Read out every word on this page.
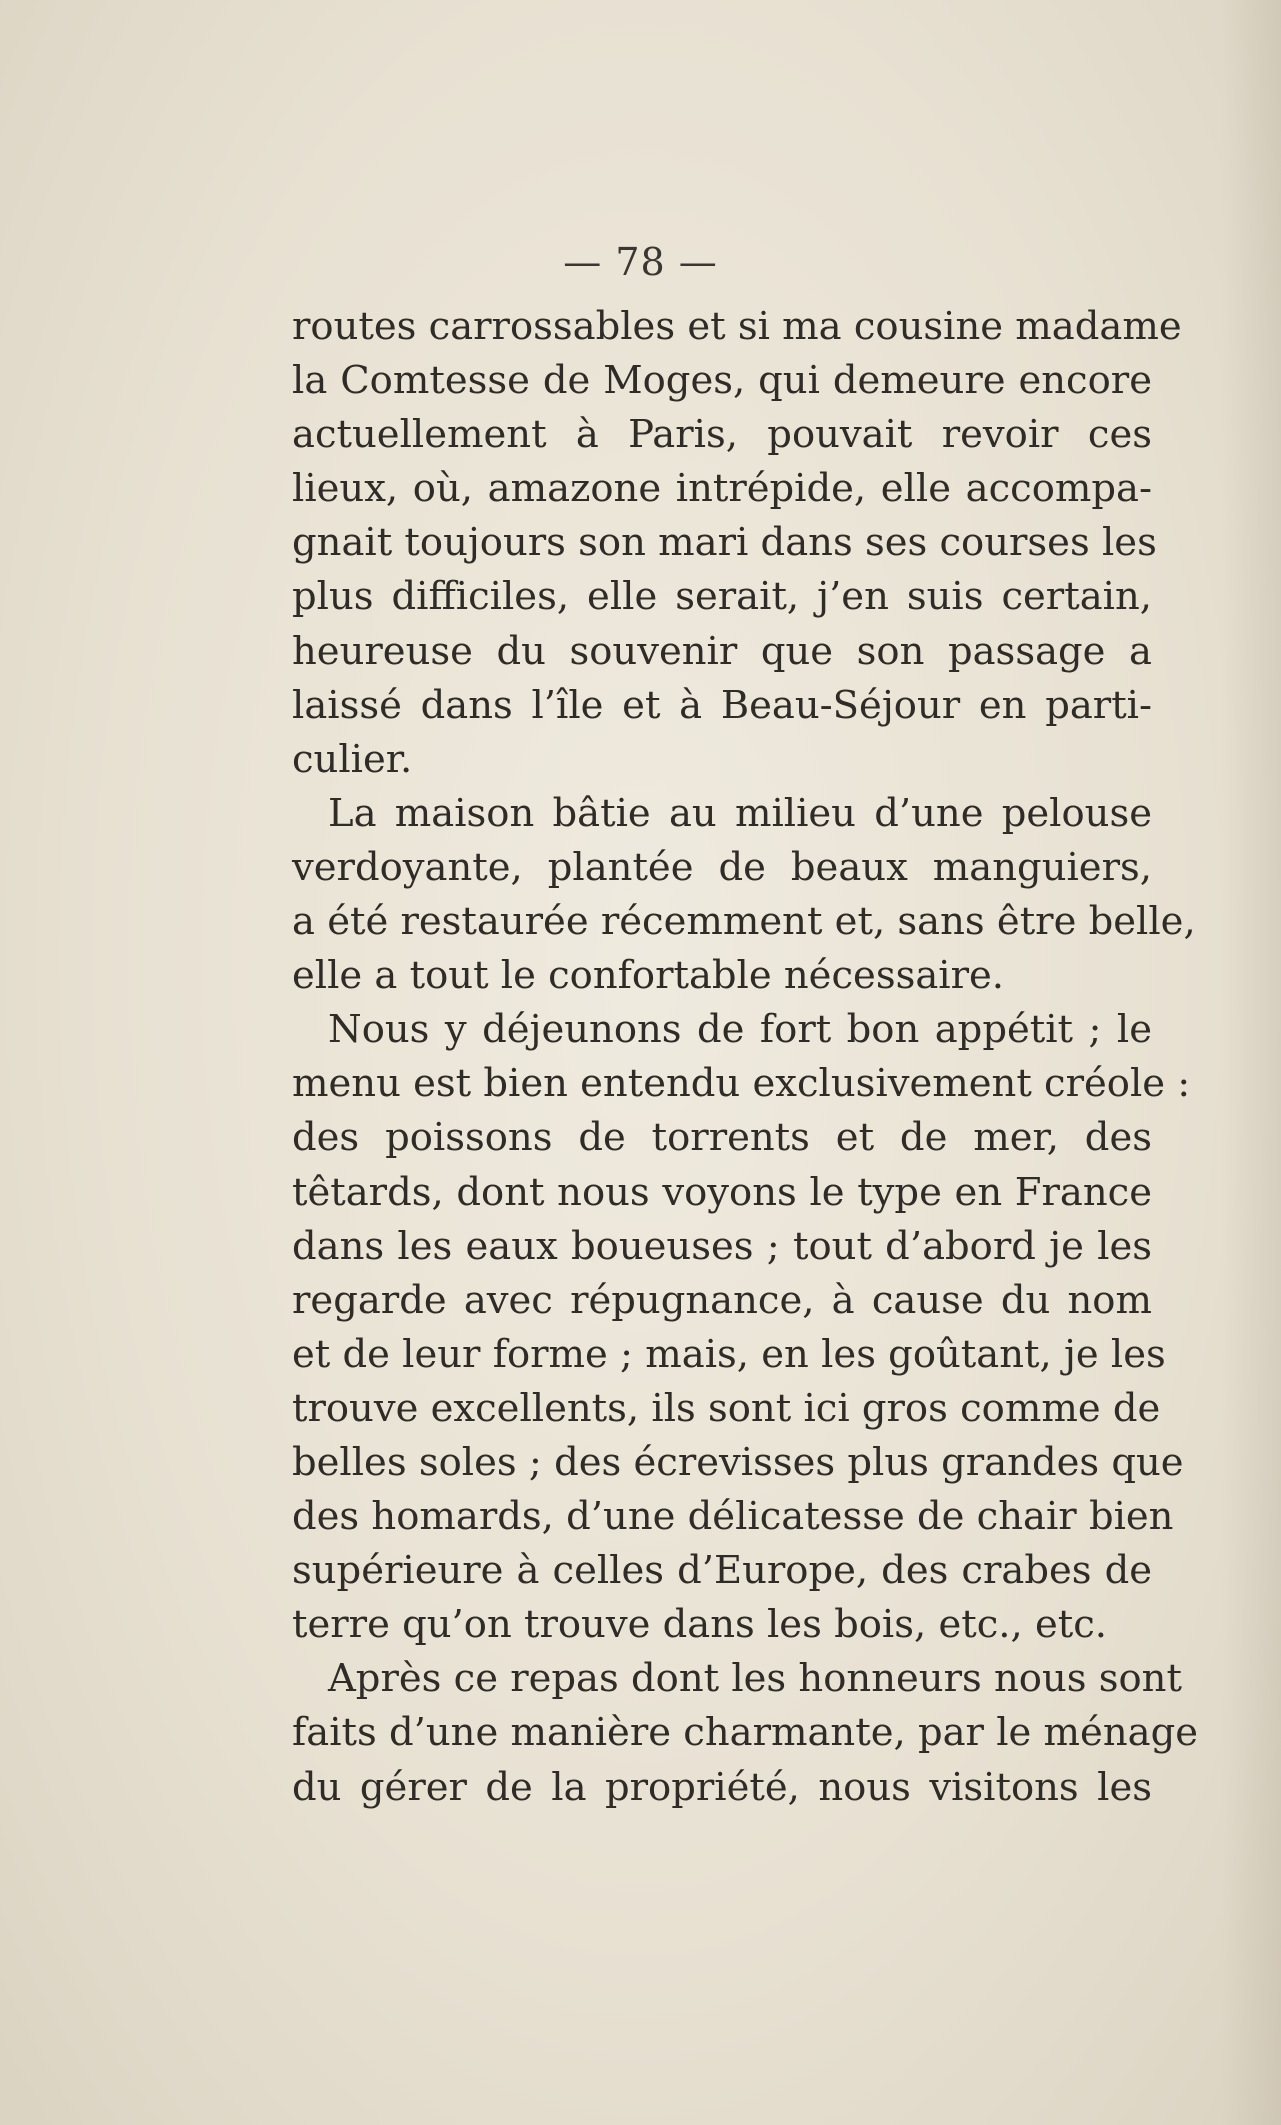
— 78 —
routes carrossables et si ma cousine madame
la Comtesse de Moges, qui demeure encore
actuellement à Paris, pouvait revoir ces
lieux, où, amazone intrépide, elle accompa-
gnait toujours son mari dans ses courses les
plus difficiles, elle serait, j’en suis certain,
heureuse du souvenir que son passage a
laissé dans l’île et à Beau-Séjour en parti-
culier.
La maison bâtie au milieu d’une pelouse
verdoyante, plantée de beaux manguiers,
a été restaurée récemment et, sans être belle,
elle a tout le confortable nécessaire.
Nous y déjeunons de fort bon appétit ; le
menu est bien entendu exclusivement créole :
des poissons de torrents et de mer, des
têtards, dont nous voyons le type en France
dans les eaux boueuses ; tout d’abord je les
regarde avec répugnance, à cause du nom
et de leur forme ; mais, en les goûtant, je les
trouve excellents, ils sont ici gros comme de
belles soles ; des écrevisses plus grandes que
des homards, d’une délicatesse de chair bien
supérieure à celles d’Europe, des crabes de
terre qu’on trouve dans les bois, etc., etc.
Après ce repas dont les honneurs nous sont
faits d’une manière charmante, par le ménage
du gérer de la propriété, nous visitons les
